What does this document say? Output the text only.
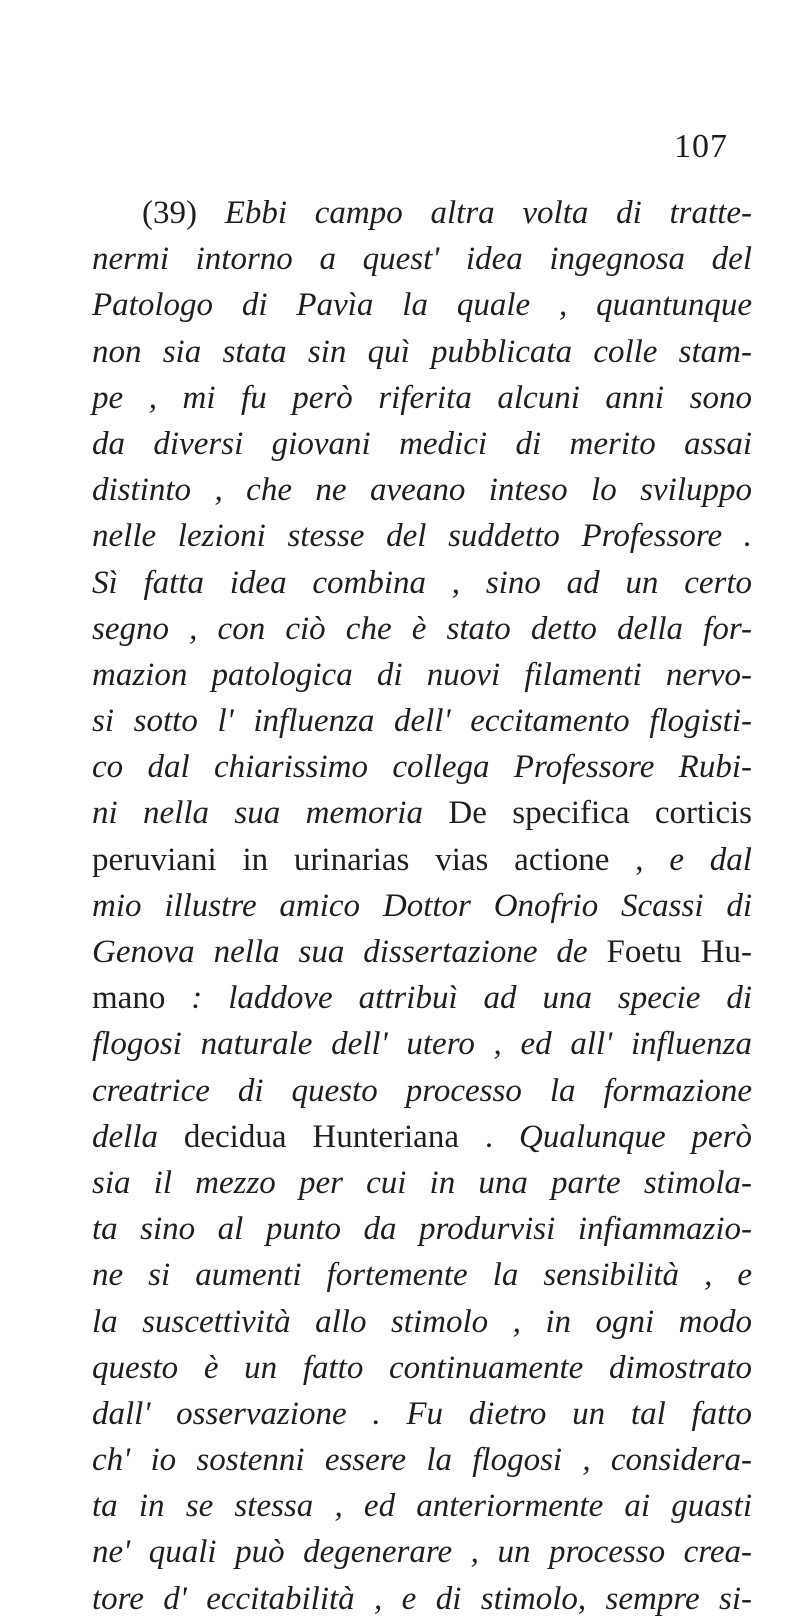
107
(39) Ebbi campo altra volta di tratte-
nermi intorno a quest' idea ingegnosa del
Patologo di Pavìa la quale , quantunque
non sia stata sin quì pubblicata colle stam-
pe , mi fu però riferita alcuni anni sono
da diversi giovani medici di merito assai
distinto , che ne aveano inteso lo sviluppo
nelle lezioni stesse del suddetto Professore .
Sì fatta idea combina , sino ad un certo
segno , con ciò che è stato detto della for-
mazion patologica di nuovi filamenti nervo-
si sotto l' influenza dell' eccitamento flogisti-
co dal chiarissimo collega Professore Rubi-
ni nella sua memoria De specifica corticis
peruviani in urinarias vias actione , e dal
mio illustre amico Dottor Onofrio Scassi di
Genova nella sua dissertazione de Foetu Hu-
mano : laddove attribuì ad una specie di
flogosi naturale dell' utero , ed all' influenza
creatrice di questo processo la formazione
della decidua Hunteriana . Qualunque però
sia il mezzo per cui in una parte stimola-
ta sino al punto da produrvisi infiammazio-
ne si aumenti fortemente la sensibilità , e
la suscettività allo stimolo , in ogni modo
questo è un fatto continuamente dimostrato
dall' osservazione . Fu dietro un tal fatto
ch' io sostenni essere la flogosi , considera-
ta in se stessa , ed anteriormente ai guasti
ne' quali può degenerare , un processo crea-
tore d' eccitabilità , e di stimolo, sempre si-
